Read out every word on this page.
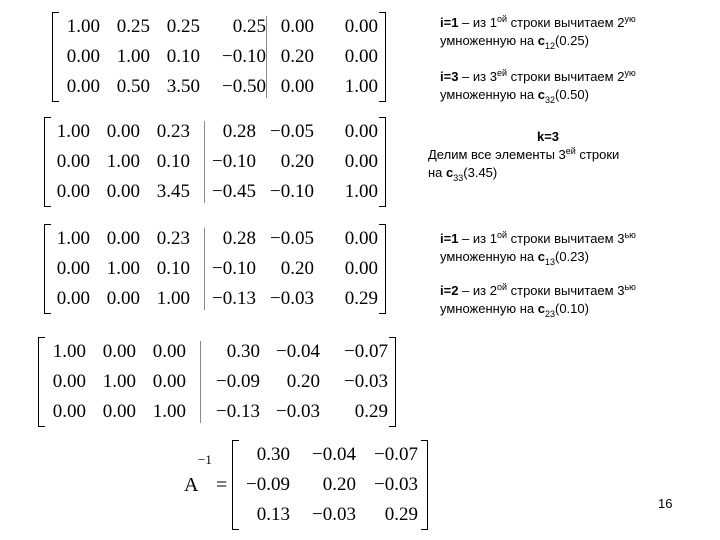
1.00 0.25 0.25 0.25 0.00 0.00
0.00 1.00 0.10 −0.10 0.20 0.00
0.00 0.50 3.50 −0.50 0.00 1.00
1.00 0.00 0.23 0.28 −0.05 0.00
0.00 1.00 0.10 −0.10 0.20 0.00
0.00 0.00 3.45 −0.45 −0.10 1.00
1.00 0.00 0.23 0.28 −0.05 0.00
0.00 1.00 0.10 −0.10 0.20 0.00
0.00 0.00 1.00 −0.13 −0.03 0.29
1.00 0.00 0.00 0.30 −0.04 −0.07
0.00 1.00 0.00 −0.09 0.20 −0.03
0.00 0.00 1.00 −0.13 −0.03 0.29
−1
A =
0.30 −0.04 −0.07
−0.09 0.20 −0.03
0.13 −0.03 0.29
i=1 – из $1^{ой}$ строки вычитаем $2^{ую}$
умноженную на $c_{12}(0.25)$
i=3 – из $3^{ей}$ строки вычитаем $2^{ую}$
умноженную на $c_{32}(0.50)$
k=3
Делим все элементы $3^{ей}$ строки
на $c_{33}(3.45)$
i=1 – из $1^{ой}$ строки вычитаем $3^{ью}$
умноженную на $c_{13}(0.23)$
i=2 – из $2^{ой}$ строки вычитаем $3^{ью}$
умноженную на $c_{23}(0.10)$
16
